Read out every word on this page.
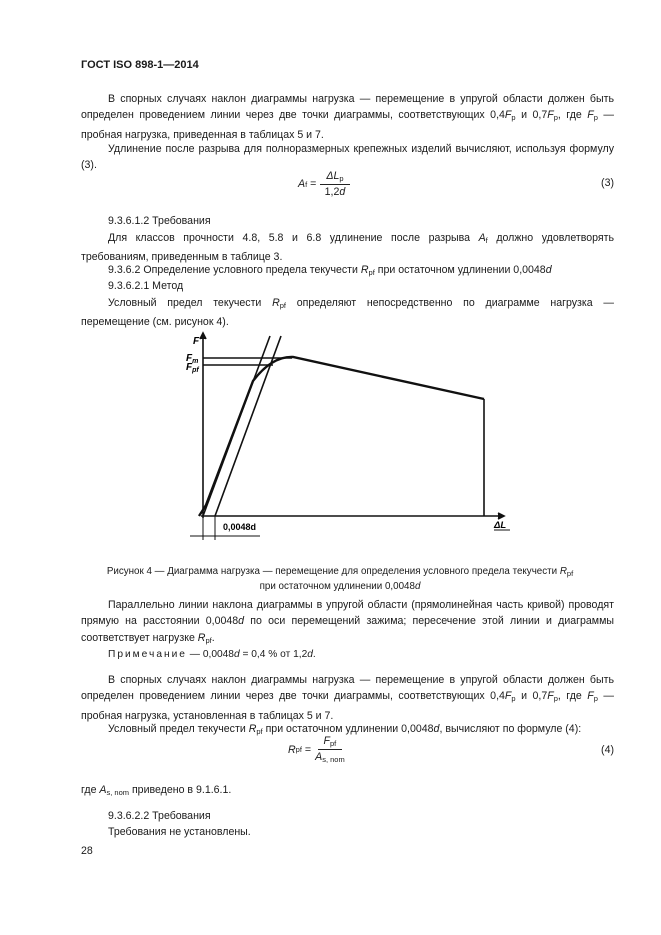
ГОСТ ISO 898-1—2014
В спорных случаях наклон диаграммы нагрузка — перемещение в упругой области должен быть определен проведением линии через две точки диаграммы, соответствующих 0,4Fp и 0,7Fp, где Fp — пробная нагрузка, приведенная в таблицах 5 и 7.
Удлинение после разрыва для полноразмерных крепежных изделий вычисляют, используя формулу (3).
A $f = \frac{\text{ΔLp}}{1,2d}$	(3)
9.3.6.1.2 Требования
Для классов прочности 4.8, 5.8 и 6.8 удлинение после разрыва Af должно удовлетворять требованиям, приведенным в таблице 3.
9.3.6.2 Определение условного предела текучести Rpf при остаточном удлинении 0,0048d
9.3.6.2.1 Метод
Условный предел текучести Rpf определяют непосредственно по диаграмме нагрузка — перемещение (см. рисунок 4).
F
$F_m$
$F_{pf}$
0,0048d	ΔL
Рисунок 4 — Диаграмма нагрузка — перемещение для определения условного предела текучести $R_{pf}$
при остаточном удлинении 0,0048d
Параллельно линии наклона диаграммы в упругой области (прямолинейная часть кривой) проводят прямую на расстоянии 0,0048d по оси перемещений зажима; пересечение этой линии и диаграммы соответствует нагрузке Rpf.
Примечание — 0,0048d = 0,4 % от 1,2d.
В спорных случаях наклон диаграммы нагрузка — перемещение в упругой области должен быть определен проведением линии через две точки диаграммы, соответствующих 0,4Fp и 0,7Fp, где Fp — пробная нагрузка, установленная в таблицах 5 и 7.
Условный предел текучести Rpf при остаточном удлинении 0,0048d, вычисляют по формуле (4):
где As, nom приведено в 9.1.6.1.
9.3.6.2.2 Требования
Требования не установлены.
R pf = $\frac{\text{Fpf}}{\text{As, nom}}$	(4)
28
